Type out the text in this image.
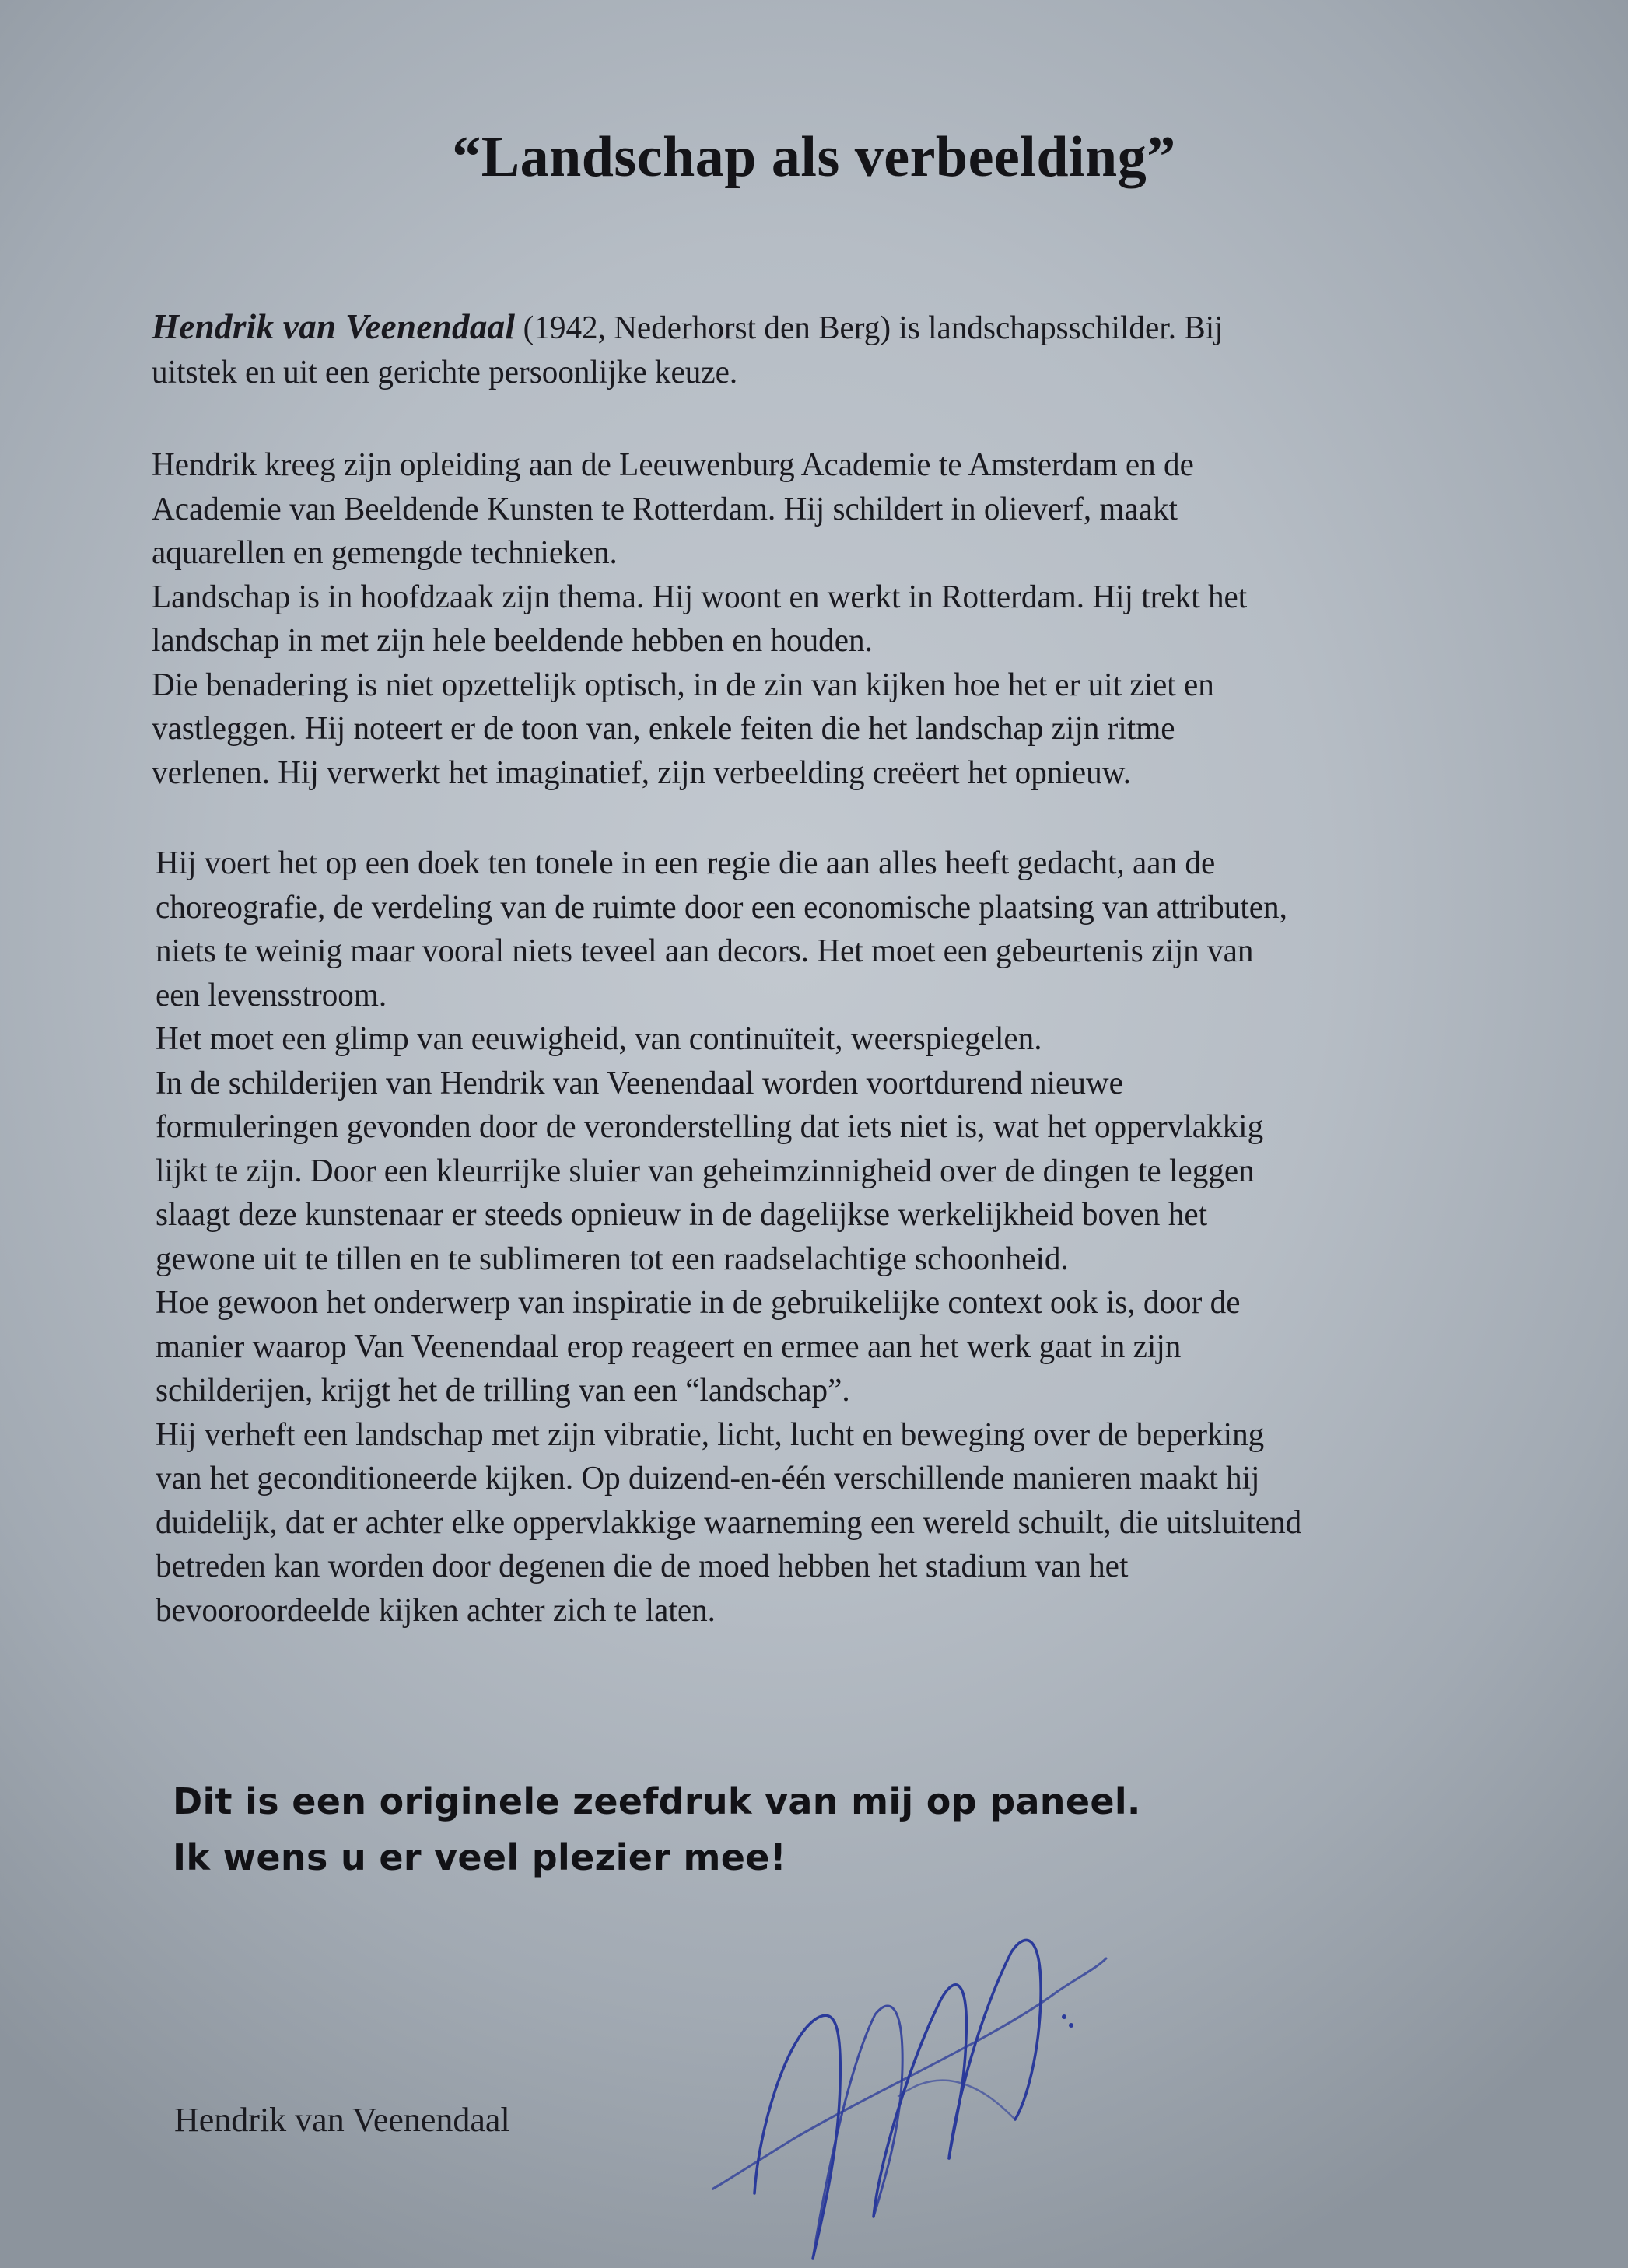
“Landschap als verbeelding”
Hendrik van Veenendaal (1942, Nederhorst den Berg) is landschapsschilder. Bij
uitstek en uit een gerichte persoonlijke keuze.
Hendrik kreeg zijn opleiding aan de Leeuwenburg Academie te Amsterdam en de
Academie van Beeldende Kunsten te Rotterdam. Hij schildert in olieverf, maakt
aquarellen en gemengde technieken.
Landschap is in hoofdzaak zijn thema. Hij woont en werkt in Rotterdam. Hij trekt het
landschap in met zijn hele beeldende hebben en houden.
Die benadering is niet opzettelijk optisch, in de zin van kijken hoe het er uit ziet en
vastleggen. Hij noteert er de toon van, enkele feiten die het landschap zijn ritme
verlenen. Hij verwerkt het imaginatief, zijn verbeelding creëert het opnieuw.
Hij voert het op een doek ten tonele in een regie die aan alles heeft gedacht, aan de
choreografie, de verdeling van de ruimte door een economische plaatsing van attributen,
niets te weinig maar vooral niets teveel aan decors. Het moet een gebeurtenis zijn van
een levensstroom.
Het moet een glimp van eeuwigheid, van continuïteit, weerspiegelen.
In de schilderijen van Hendrik van Veenendaal worden voortdurend nieuwe
formuleringen gevonden door de veronderstelling dat iets niet is, wat het oppervlakkig
lijkt te zijn. Door een kleurrijke sluier van geheimzinnigheid over de dingen te leggen
slaagt deze kunstenaar er steeds opnieuw in de dagelijkse werkelijkheid boven het
gewone uit te tillen en te sublimeren tot een raadselachtige schoonheid.
Hoe gewoon het onderwerp van inspiratie in de gebruikelijke context ook is, door de
manier waarop Van Veenendaal erop reageert en ermee aan het werk gaat in zijn
schilderijen, krijgt het de trilling van een “landschap”.
Hij verheft een landschap met zijn vibratie, licht, lucht en beweging over de beperking
van het geconditioneerde kijken. Op duizend-en-één verschillende manieren maakt hij
duidelijk, dat er achter elke oppervlakkige waarneming een wereld schuilt, die uitsluitend
betreden kan worden door degenen die de moed hebben het stadium van het
bevooroordeelde kijken achter zich te laten.
Dit is een originele zeefdruk van mij op paneel.
Ik wens u er veel plezier mee!
Hendrik van Veenendaal
